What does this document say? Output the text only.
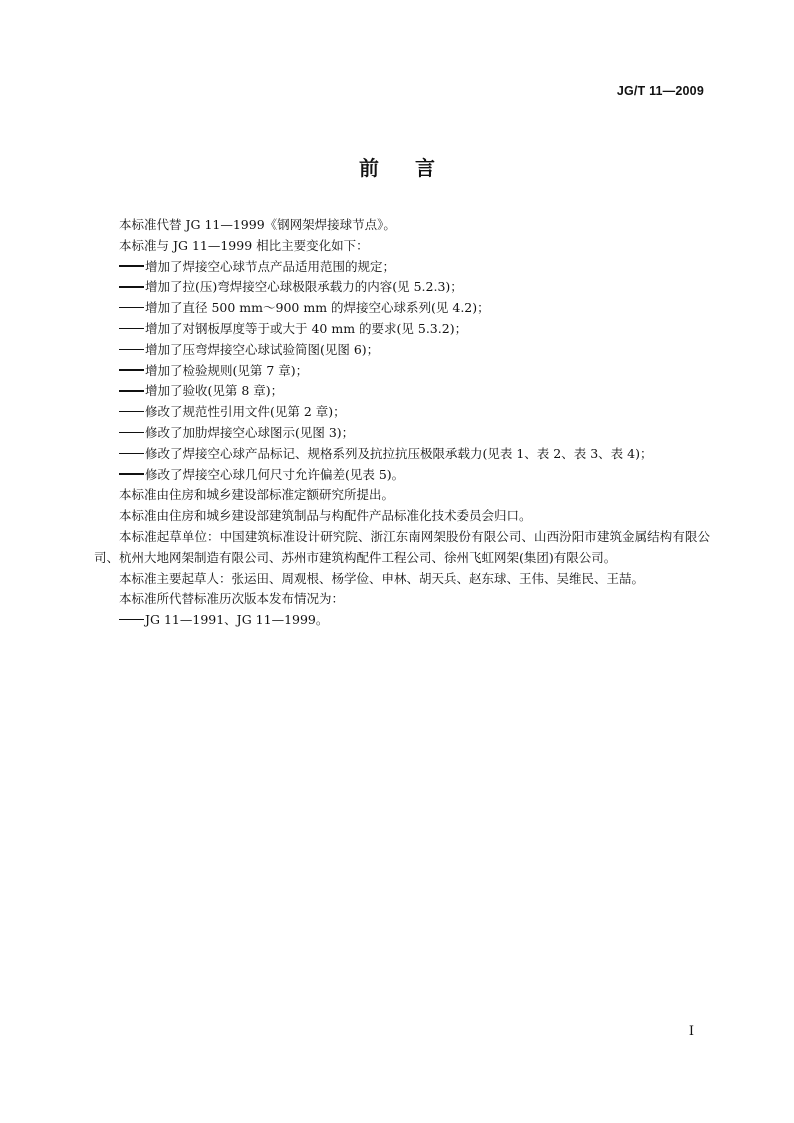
JG/T 11—2009
前言

本标准代替 JG 11—1999《钢网架焊接球节点》。

本标准与 JG 11—1999 相比主要变化如下：

增加了焊接空心球节点产品适用范围的规定；

增加了拉(压)弯焊接空心球极限承载力的内容(见 5.2.3)；

增加了直径 500 mm～900 mm 的焊接空心球系列(见 4.2)；

增加了对钢板厚度等于或大于 40 mm 的要求(见 5.3.2)；

增加了压弯焊接空心球试验简图(见图 6)；

增加了检验规则(见第 7 章)；

增加了验收(见第 8 章)；

修改了规范性引用文件(见第 2 章)；

修改了加肋焊接空心球图示(见图 3)；

修改了焊接空心球产品标记、规格系列及抗拉抗压极限承载力(见表 1、表 2、表 3、表 4)；

修改了焊接空心球几何尺寸允许偏差(见表 5)。

本标准由住房和城乡建设部标准定额研究所提出。

本标准由住房和城乡建设部建筑制品与构配件产品标准化技术委员会归口。

本标准起草单位：中国建筑标准设计研究院、浙江东南网架股份有限公司、山西汾阳市建筑金属结构有限公司、杭州大地网架制造有限公司、苏州市建筑构配件工程公司、徐州飞虹网架(集团)有限公司。

本标准主要起草人：张运田、周观根、杨学俭、申林、胡天兵、赵东球、王伟、吴维民、王喆。

本标准所代替标准历次版本发布情况为：

JG 11—1991、JG 11—1999。

I
